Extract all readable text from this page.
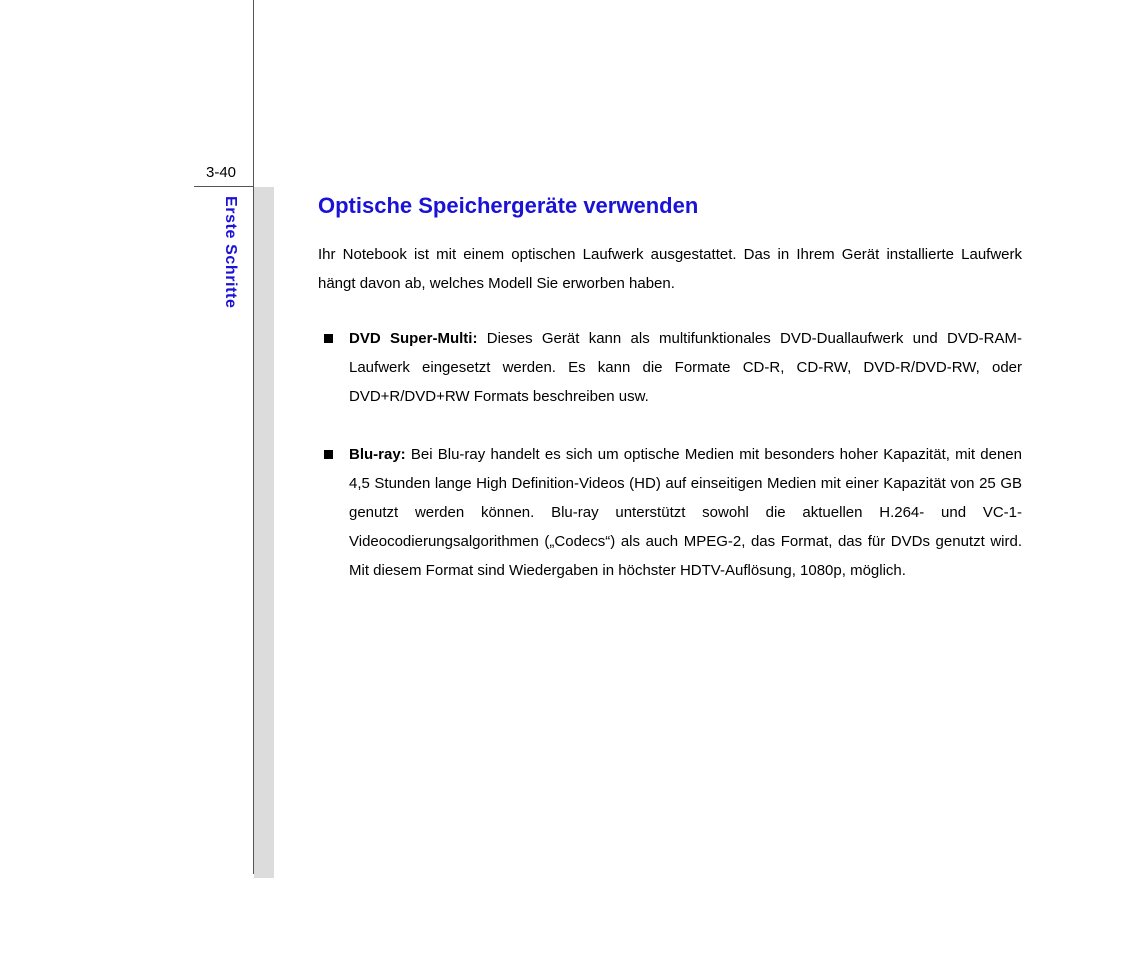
3-40
Erste Schritte	Optische Speichergeräte verwenden

Ihr Notebook ist mit einem optischen Laufwerk ausgestattet. Das in Ihrem Gerät installierte Laufwerk hängt davon ab, welches Modell Sie erworben haben.

DVD Super-Multi: Dieses Gerät kann als multifunktionales DVD-Duallaufwerk und DVD-RAM-Laufwerk eingesetzt werden. Es kann die Formate CD-R, CD-RW, DVD-R/DVD-RW, oder DVD+R/DVD+RW Formats beschreiben usw.
Blu-ray: Bei Blu-ray handelt es sich um optische Medien mit besonders hoher Kapazität, mit denen 4,5 Stunden lange High Definition-Videos (HD) auf einseitigen Medien mit einer Kapazität von 25 GB genutzt werden können. Blu-ray unterstützt sowohl die aktuellen H.264- und VC-1-Videocodierungsalgorithmen („Codecs“) als auch MPEG-2, das Format, das für DVDs genutzt wird. Mit diesem Format sind Wiedergaben in höchster HDTV-Auflösung, 1080p, möglich.
